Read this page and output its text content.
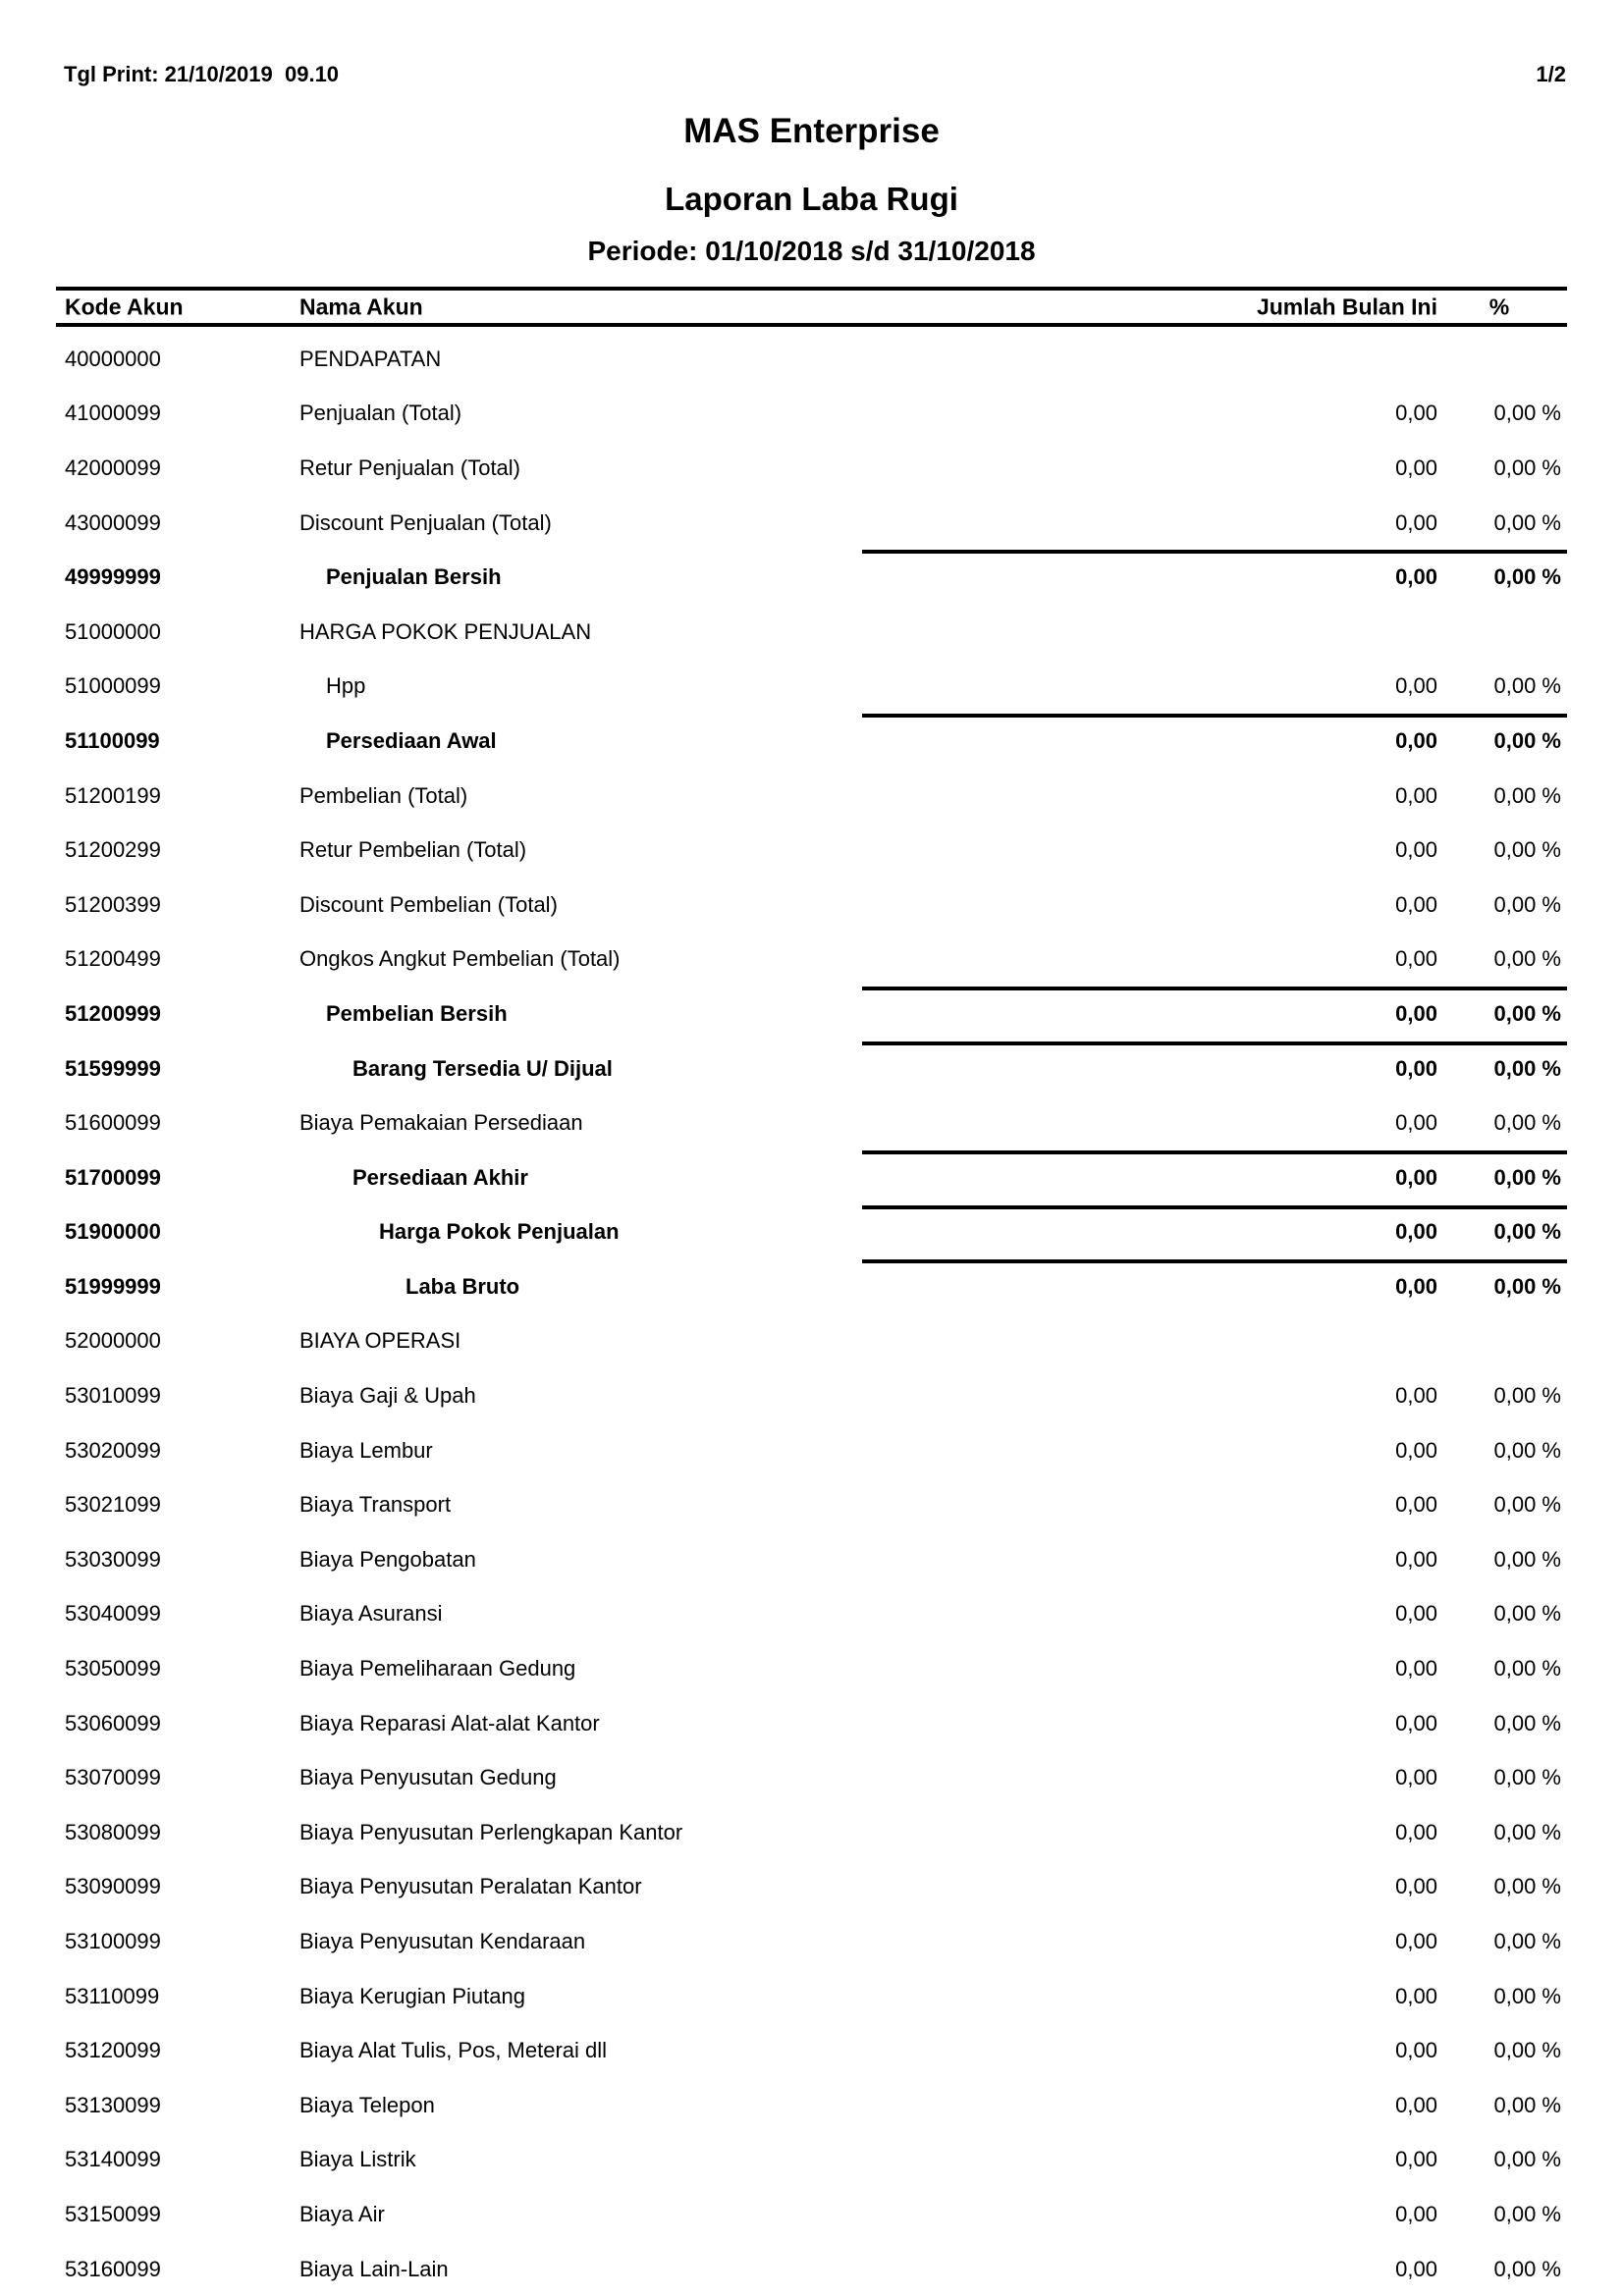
Tgl Print: 21/10/2019  09.10	1/2
MAS Enterprise
Laporan Laba Rugi
Periode: 01/10/2018 s/d 31/10/2018
Kode Akun	Nama Akun	Jumlah Bulan Ini	%
40000000	PENDAPATAN
41000099	Penjualan (Total)	0,00	0,00 %
42000099	Retur Penjualan (Total)	0,00	0,00 %
43000099	Discount Penjualan (Total)	0,00	0,00 %
49999999	Penjualan Bersih	0,00	0,00 %
51000000	HARGA POKOK PENJUALAN
51000099	Hpp	0,00	0,00 %
51100099	Persediaan Awal	0,00	0,00 %
51200199	Pembelian (Total)	0,00	0,00 %
51200299	Retur Pembelian (Total)	0,00	0,00 %
51200399	Discount Pembelian (Total)	0,00	0,00 %
51200499	Ongkos Angkut Pembelian (Total)	0,00	0,00 %
51200999	Pembelian Bersih	0,00	0,00 %
51599999	Barang Tersedia U/ Dijual	0,00	0,00 %
51600099	Biaya Pemakaian Persediaan	0,00	0,00 %
51700099	Persediaan Akhir	0,00	0,00 %
51900000	Harga Pokok Penjualan	0,00	0,00 %
51999999	Laba Bruto	0,00	0,00 %
52000000	BIAYA OPERASI
53010099	Biaya Gaji & Upah	0,00	0,00 %
53020099	Biaya Lembur	0,00	0,00 %
53021099	Biaya Transport	0,00	0,00 %
53030099	Biaya Pengobatan	0,00	0,00 %
53040099	Biaya Asuransi	0,00	0,00 %
53050099	Biaya Pemeliharaan Gedung	0,00	0,00 %
53060099	Biaya Reparasi Alat-alat Kantor	0,00	0,00 %
53070099	Biaya Penyusutan Gedung	0,00	0,00 %
53080099	Biaya Penyusutan Perlengkapan Kantor	0,00	0,00 %
53090099	Biaya Penyusutan Peralatan Kantor	0,00	0,00 %
53100099	Biaya Penyusutan Kendaraan	0,00	0,00 %
53110099	Biaya Kerugian Piutang	0,00	0,00 %
53120099	Biaya Alat Tulis, Pos, Meterai dll	0,00	0,00 %
53130099	Biaya Telepon	0,00	0,00 %
53140099	Biaya Listrik	0,00	0,00 %
53150099	Biaya Air	0,00	0,00 %
53160099	Biaya Lain-Lain	0,00	0,00 %
